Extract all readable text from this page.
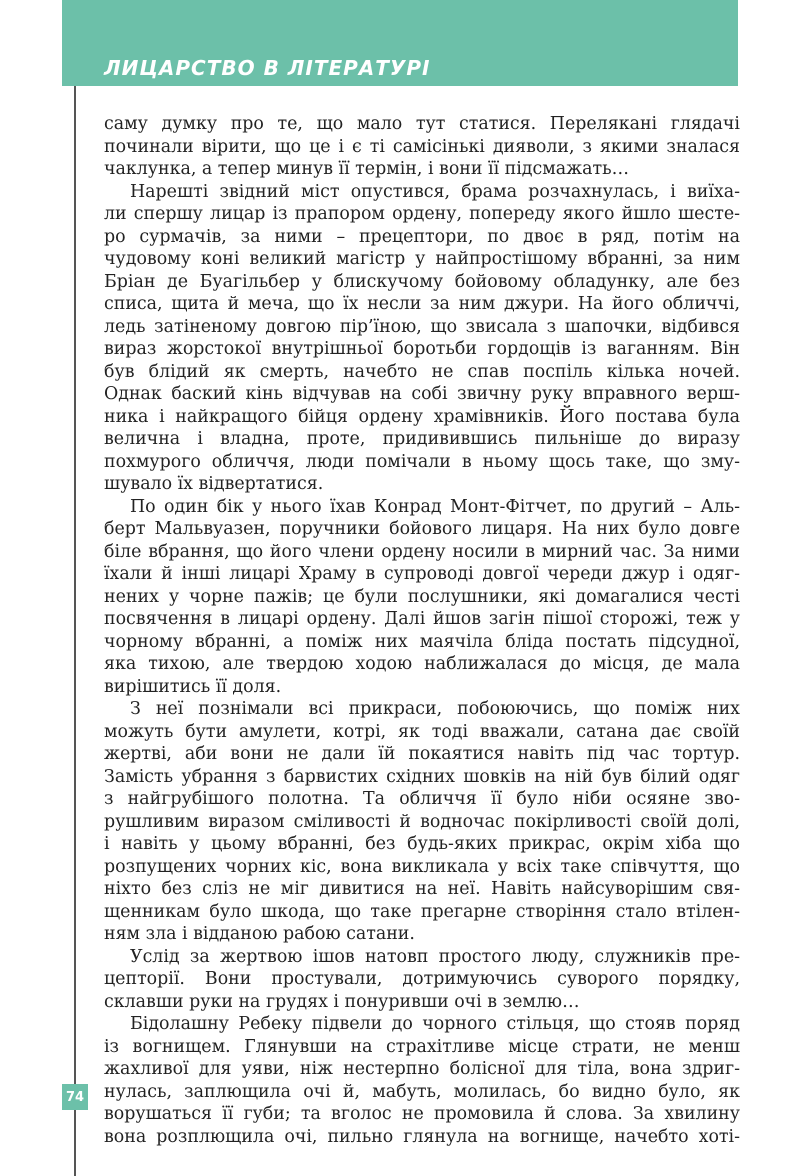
ЛИЦАРСТВО В ЛІТЕРАТУРІ
74
саму думку про те, що мало тут статися. Перелякані глядачі
починали вірити, що це і є ті самісінькі дияволи, з якими зналася
чаклунка, а тепер минув її термін, і вони її підсмажать…
Нарешті звідний міст опустився, брама розчахнулась, і виїха-
ли спершу лицар із прапором ордену, попереду якого йшло шесте-
ро сурмачів, за ними – прецептори, по двоє в ряд, потім на
чудовому коні великий магістр у найпростішому вбранні, за ним
Бріан де Буагільбер у блискучому бойовому обладунку, але без
списа, щита й меча, що їх несли за ним джури. На його обличчі,
ледь затіненому довгою пір’їною, що звисала з шапочки, відбився
вираз жорстокої внутрішньої боротьби гордощів із ваганням. Він
був блідий як смерть, начебто не спав поспіль кілька ночей.
Однак баский кінь відчував на собі звичну руку вправного верш-
ника і найкращого бійця ордену храмівників. Його постава була
велична і владна, проте, придивившись пильніше до виразу
похмурого обличчя, люди помічали в ньому щось таке, що зму-
шувало їх відвертатися.
По один бік у нього їхав Конрад Монт-Фітчет, по другий – Аль-
берт Мальвуазен, поручники бойового лицаря. На них було довге
біле вбрання, що його члени ордену носили в мирний час. За ними
їхали й інші лицарі Храму в супроводі довгої череди джур і одяг-
нених у чорне пажів; це були послушники, які домагалися честі
посвячення в лицарі ордену. Далі йшов загін пішої сторожі, теж у
чорному вбранні, а поміж них маячіла бліда постать підсудної,
яка тихою, але твердою ходою наближалася до місця, де мала
вирішитись її доля.
З неї познімали всі прикраси, побоюючись, що поміж них
можуть бути амулети, котрі, як тоді вважали, сатана дає своїй
жертві, аби вони не дали їй покаятися навіть під час тортур.
Замість убрання з барвистих східних шовків на ній був білий одяг
з найгрубішого полотна. Та обличчя її було ніби осяяне зво-
рушливим виразом сміливості й водночас покірливості своїй долі,
і навіть у цьому вбранні, без будь-яких прикрас, окрім хіба що
розпущених чорних кіс, вона викликала у всіх таке співчуття, що
ніхто без сліз не міг дивитися на неї. Навіть найсуворішим свя-
щенникам було шкода, що таке прегарне створіння стало втілен-
ням зла і відданою рабою сатани.
Услід за жертвою ішов натовп простого люду, служників пре-
цепторії. Вони простували, дотримуючись суворого порядку,
склавши руки на грудях і понуривши очі в землю…
Бідолашну Ребеку підвели до чорного стільця, що стояв поряд
із вогнищем. Глянувши на страхітливе місце страти, не менш
жахливої для уяви, ніж нестерпно болісної для тіла, вона здриг-
нулась, заплющила очі й, мабуть, молилась, бо видно було, як
ворушаться її губи; та вголос не промовила й слова. За хвилину
вона розплющила очі, пильно глянула на вогнище, начебто хоті-
